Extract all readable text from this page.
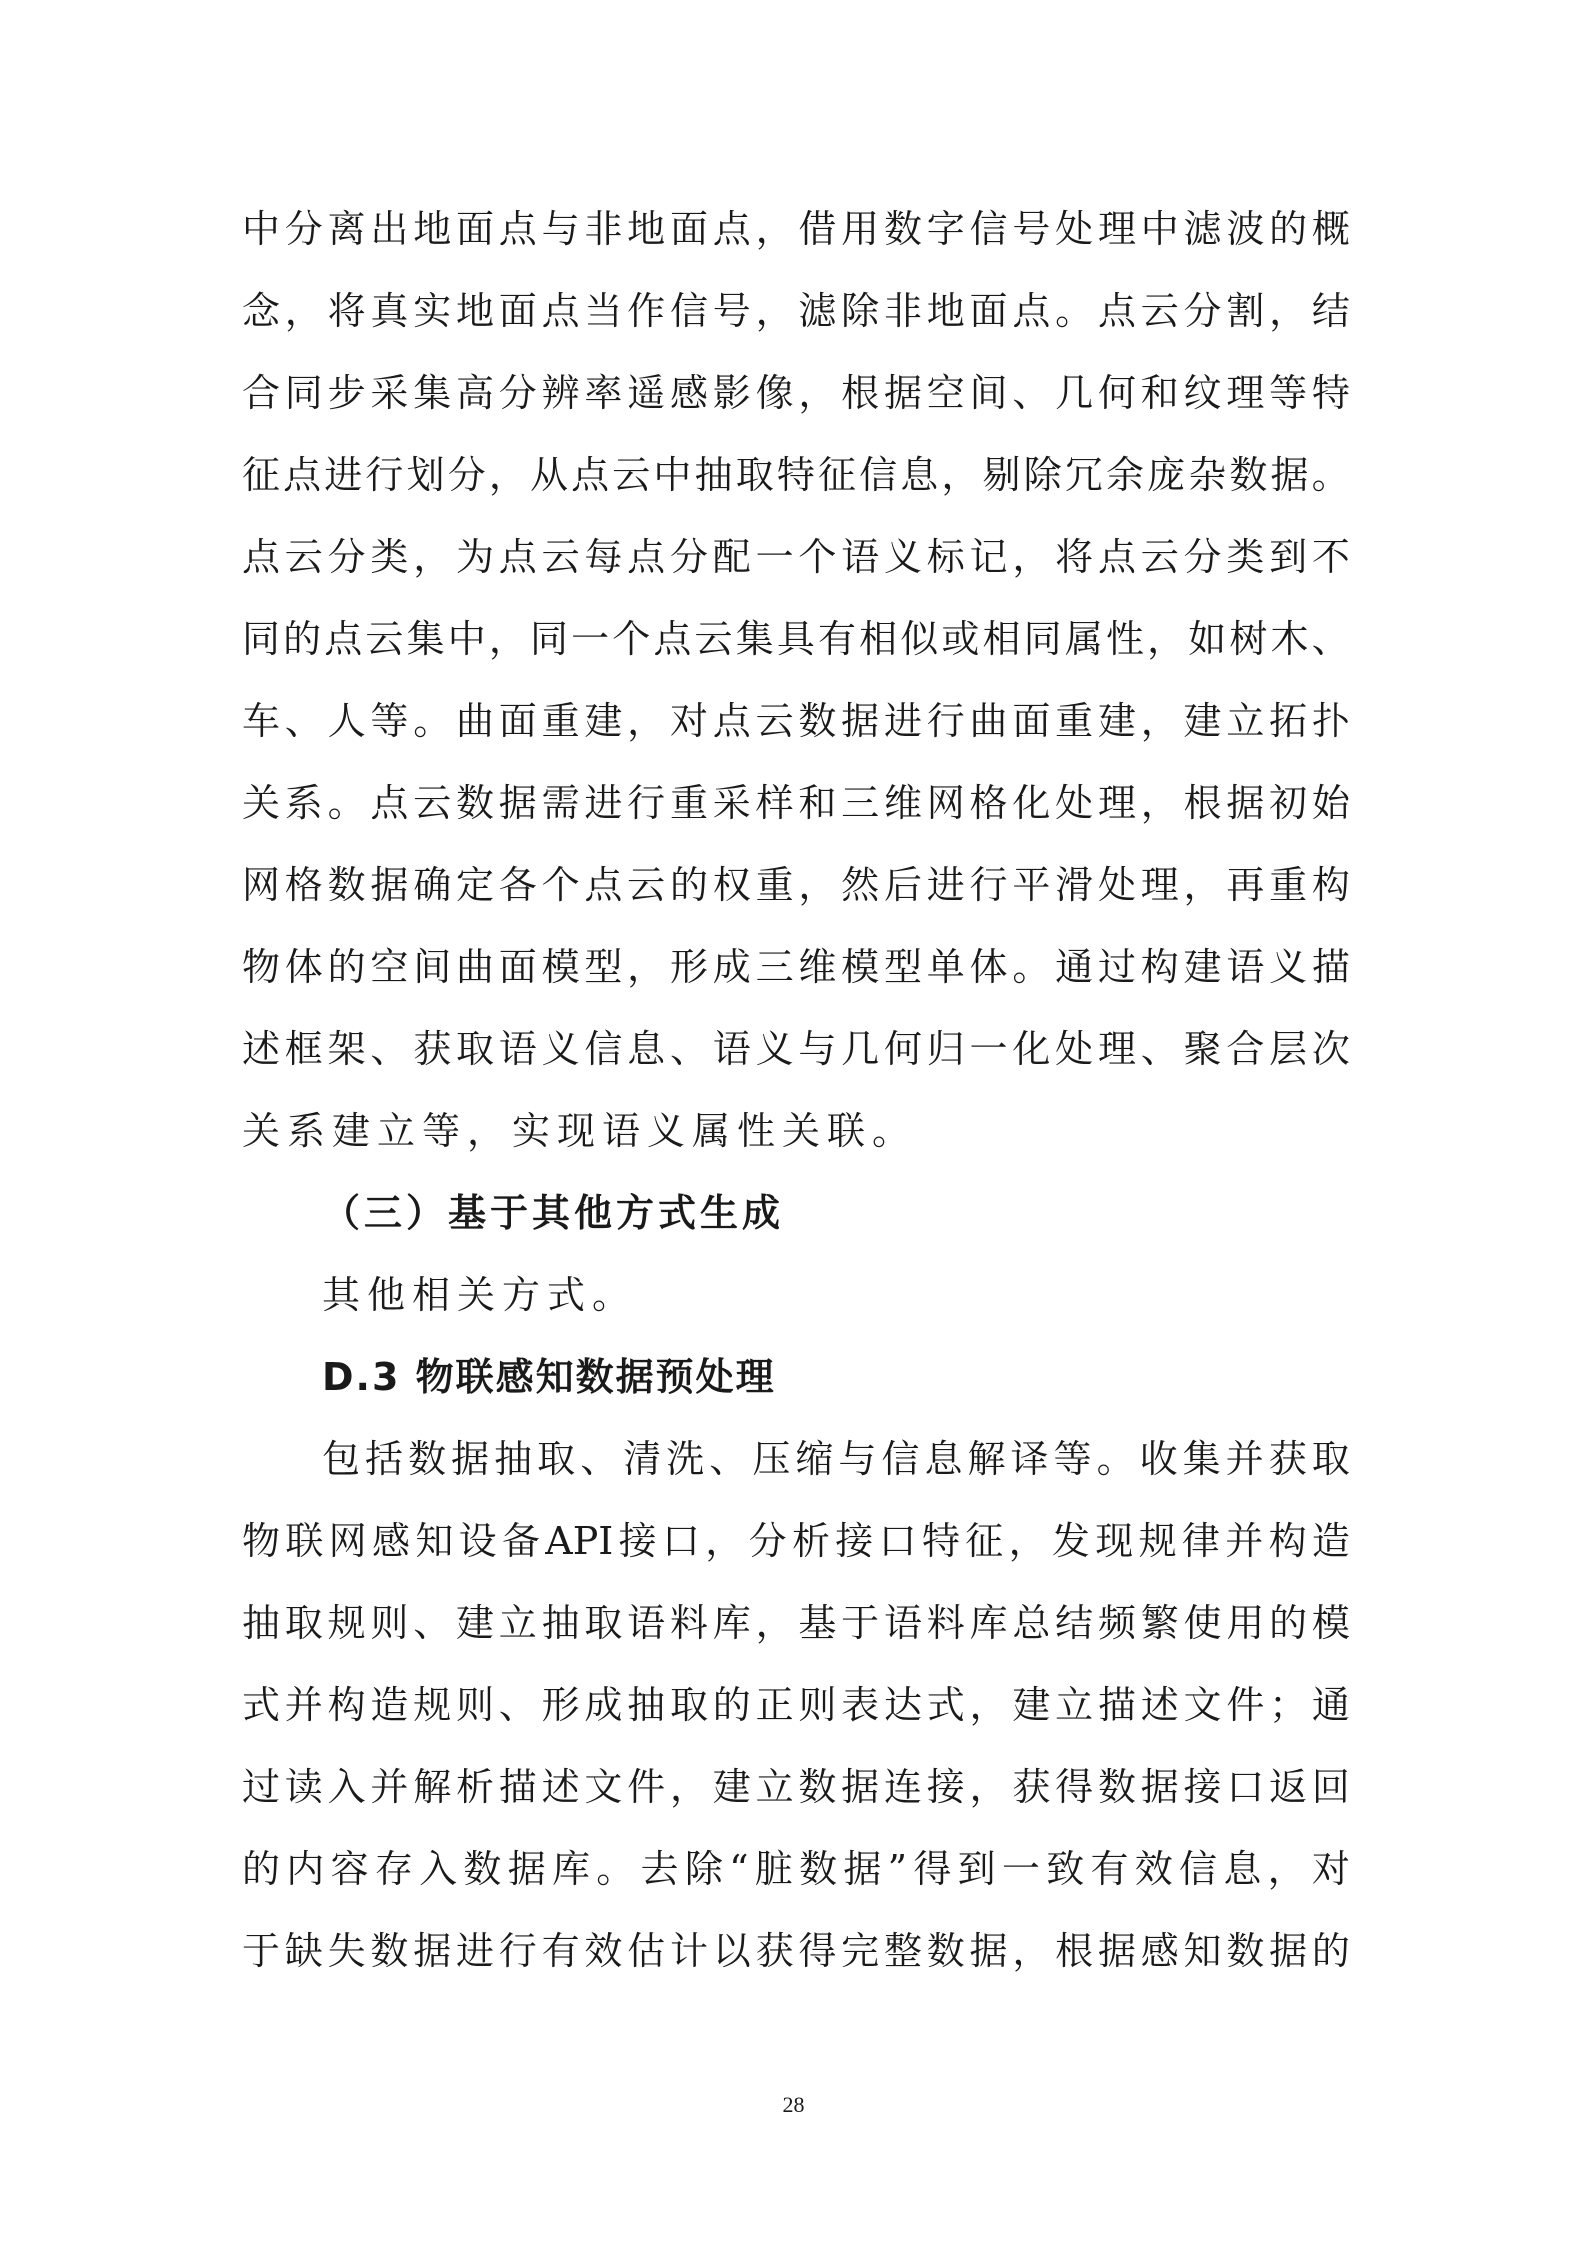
中 分 离 出 地 面 点 与 非 地 面 点 ， 借 用 数 字 信 号 处 理 中 滤 波 的 概
念 ， 将 真 实 地 面 点 当 作 信 号 ， 滤 除 非 地 面 点 。 点 云 分 割 ， 结
合 同 步 采 集 高 分 辨 率 遥 感 影 像 ， 根 据 空 间 、 几 何 和 纹 理 等 特
征 点 进 行 划 分 ， 从 点 云 中 抽 取 特 征 信 息 ， 剔 除 冗 余 庞 杂 数 据 。
点 云 分 类 ， 为 点 云 每 点 分 配 一 个 语 义 标 记 ， 将 点 云 分 类 到 不
同 的 点 云 集 中 ， 同 一 个 点 云 集 具 有 相 似 或 相 同 属 性 ， 如 树 木 、
车 、 人 等 。 曲 面 重 建 ， 对 点 云 数 据 进 行 曲 面 重 建 ， 建 立 拓 扑
关 系 。 点 云 数 据 需 进 行 重 采 样 和 三 维 网 格 化 处 理 ， 根 据 初 始
网 格 数 据 确 定 各 个 点 云 的 权 重 ， 然 后 进 行 平 滑 处 理 ， 再 重 构
物 体 的 空 间 曲 面 模 型 ， 形 成 三 维 模 型 单 体 。 通 过 构 建 语 义 描
述 框 架 、 获 取 语 义 信 息 、 语 义 与 几 何 归 一 化 处 理 、 聚 合 层 次
关系建立等，实现语义属性关联。
（三）基于其他方式生成
其他相关方式。
D.3 物联感知数据预处理
包 括 数 据 抽 取 、 清 洗 、 压 缩 与 信 息 解 译 等 。 收 集 并 获 取
物 联 网 感 知 设 备 API 接 口 ， 分 析 接 口 特 征 ， 发 现 规 律 并 构 造
抽 取 规 则 、 建 立 抽 取 语 料 库 ， 基 于 语 料 库 总 结 频 繁 使 用 的 模
式 并 构 造 规 则 、 形 成 抽 取 的 正 则 表 达 式 ， 建 立 描 述 文 件 ； 通
过 读 入 并 解 析 描 述 文 件 ， 建 立 数 据 连 接 ， 获 得 数 据 接 口 返 回
的 内 容 存 入 数 据 库 。 去 除 “ 脏 数 据 ” 得 到 一 致 有 效 信 息 ， 对
于 缺 失 数 据 进 行 有 效 估 计 以 获 得 完 整 数 据 ， 根 据 感 知 数 据 的
28
